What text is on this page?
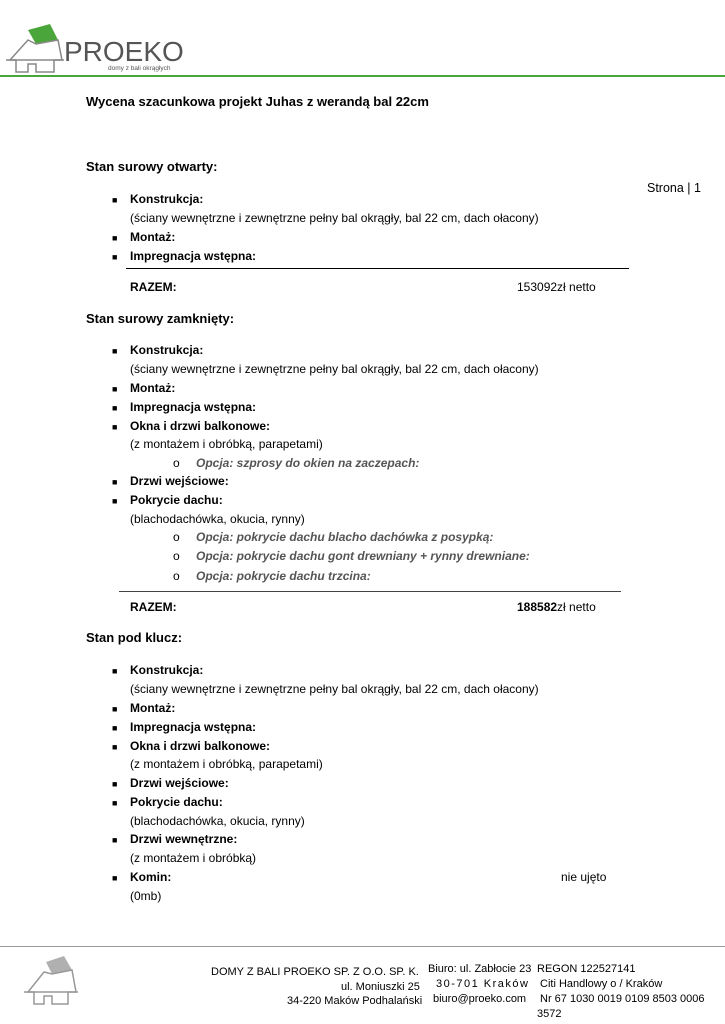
PROEKO
domy z bali okrągłych
Wycena szacunkowa projekt Juhas z werandą bal 22cm
Strona | 1
Stan surowy otwarty:
■ Konstrukcja:
(ściany wewnętrzne i zewnętrzne pełny bal okrągły, bal 22 cm, dach ołacony)
■ Montaż:
■ Impregnacja wstępna:
RAZEM:	153092zł netto
Stan surowy zamknięty:
■ Konstrukcja:
(ściany wewnętrzne i zewnętrzne pełny bal okrągły, bal 22 cm, dach ołacony)
■ Montaż:
■ Impregnacja wstępna:
■ Okna i drzwi balkonowe:
(z montażem i obróbką, parapetami)
o Opcja: szprosy do okien na zaczepach:
■ Drzwi wejściowe:
■ Pokrycie dachu:
(blachodachówka, okucia, rynny)
o Opcja: pokrycie dachu blacho dachówka z posypką:
o Opcja: pokrycie dachu gont drewniany + rynny drewniane:
o Opcja: pokrycie dachu trzcina:
RAZEM:	188582zł netto
Stan pod klucz:
■ Konstrukcja:
(ściany wewnętrzne i zewnętrzne pełny bal okrągły, bal 22 cm, dach ołacony)
■ Montaż:
■ Impregnacja wstępna:
■ Okna i drzwi balkonowe:
(z montażem i obróbką, parapetami)
■ Drzwi wejściowe:
■ Pokrycie dachu:
(blachodachówka, okucia, rynny)
■ Drzwi wewnętrzne:
(z montażem i obróbką)
■ Komin:	nie ujęto
(0mb)
DOMY Z BALI PROEKO SP. Z O.O. SP. K.
ul. Moniuszki 25
34-220 Maków Podhalański
Biuro: ul. Zabłocie 23
30-701 Kraków
biuro@proeko.com
REGON 122527141
Citi Handlowy o / Kraków
Nr 67 1030 0019 0109 8503 0006
3572
